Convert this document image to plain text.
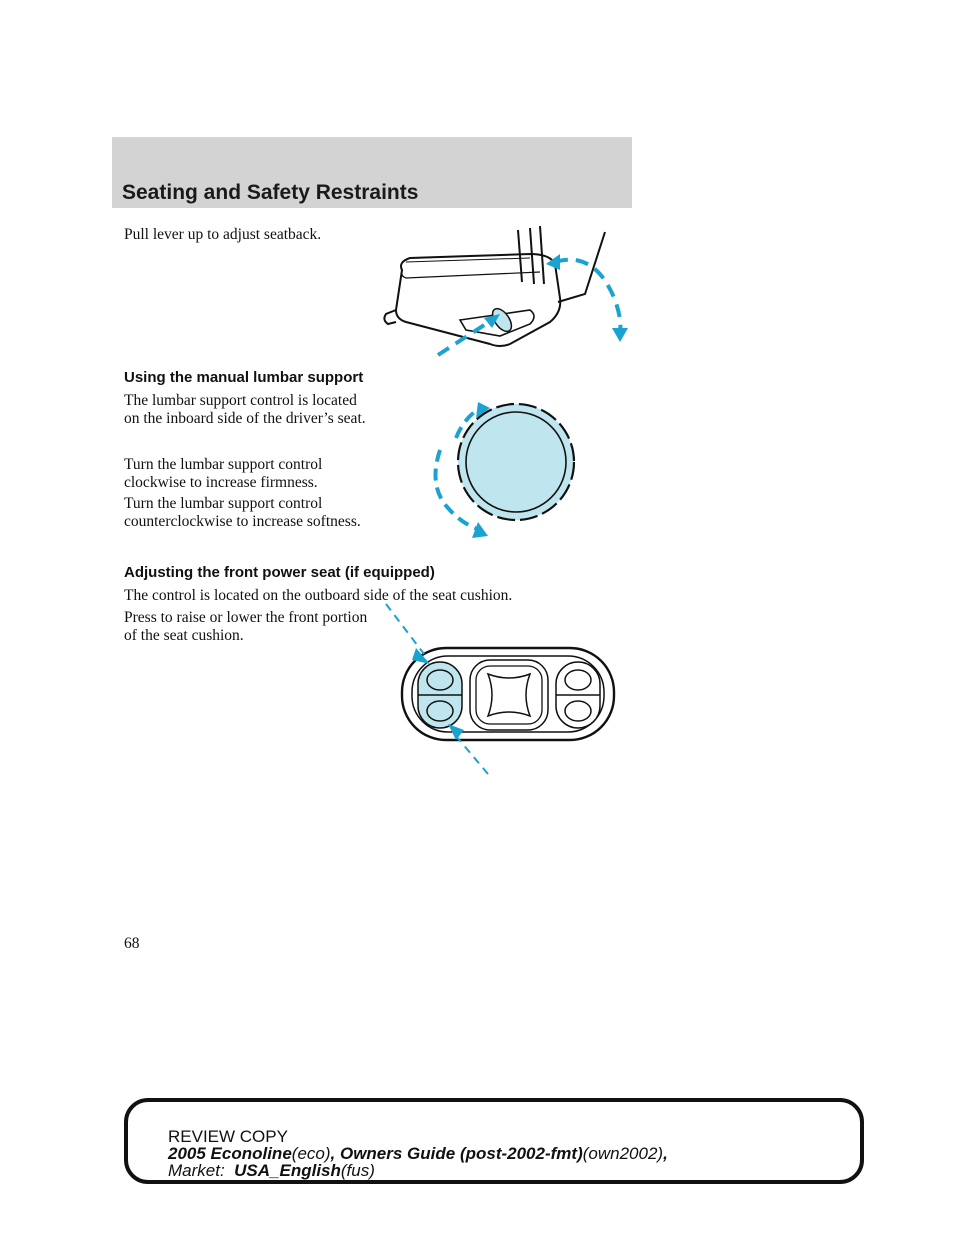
Seating and Safety Restraints

Pull lever up to adjust seatback.

Using the manual lumbar support

The lumbar support control is located on the inboard side of the driver’s seat.

Turn the lumbar support control clockwise to increase firmness.

Turn the lumbar support control counterclockwise to increase softness.

Adjusting the front power seat (if equipped)

The control is located on the outboard side of the seat cushion.

Press to raise or lower the front portion of the seat cushion.

68
REVIEW COPY
2005 Econoline(eco), Owners Guide (post-2002-fmt)(own2002),
Market: USA_English(fus)
